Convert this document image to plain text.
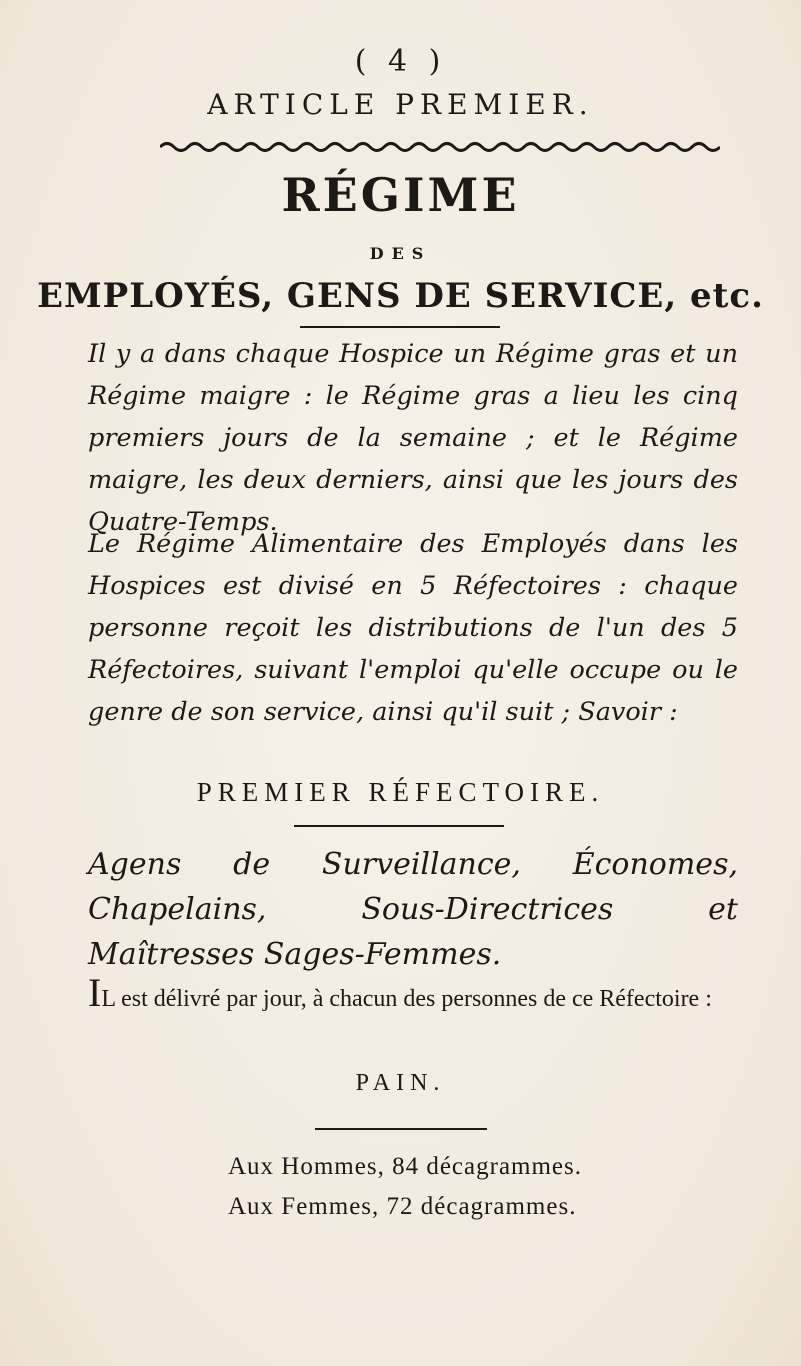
( 4 )
ARTICLE PREMIER.
RÉGIME
DES
EMPLOYÉS, GENS DE SERVICE, etc.

Il y a dans chaque Hospice un Régime gras et un Régime maigre : le Régime gras a lieu les cinq premiers jours de la semaine ; et le Régime maigre, les deux derniers, ainsi que les jours des Quatre-Temps.

Le Régime Alimentaire des Employés dans les Hospices est divisé en 5 Réfectoires : chaque personne reçoit les distributions de l'un des 5 Réfectoires, suivant l'emploi qu'elle occupe ou le genre de son service, ainsi qu'il suit ; Savoir :

PREMIER RÉFECTOIRE.

Agens de Surveillance, Économes, Chapelains, Sous-Directrices et Maîtresses Sages-Femmes.

IL est délivré par jour, à chacun des personnes de ce Réfectoire :

PAIN.
Aux Hommes, 84 décagrammes.
Aux Femmes, 72 décagrammes.
